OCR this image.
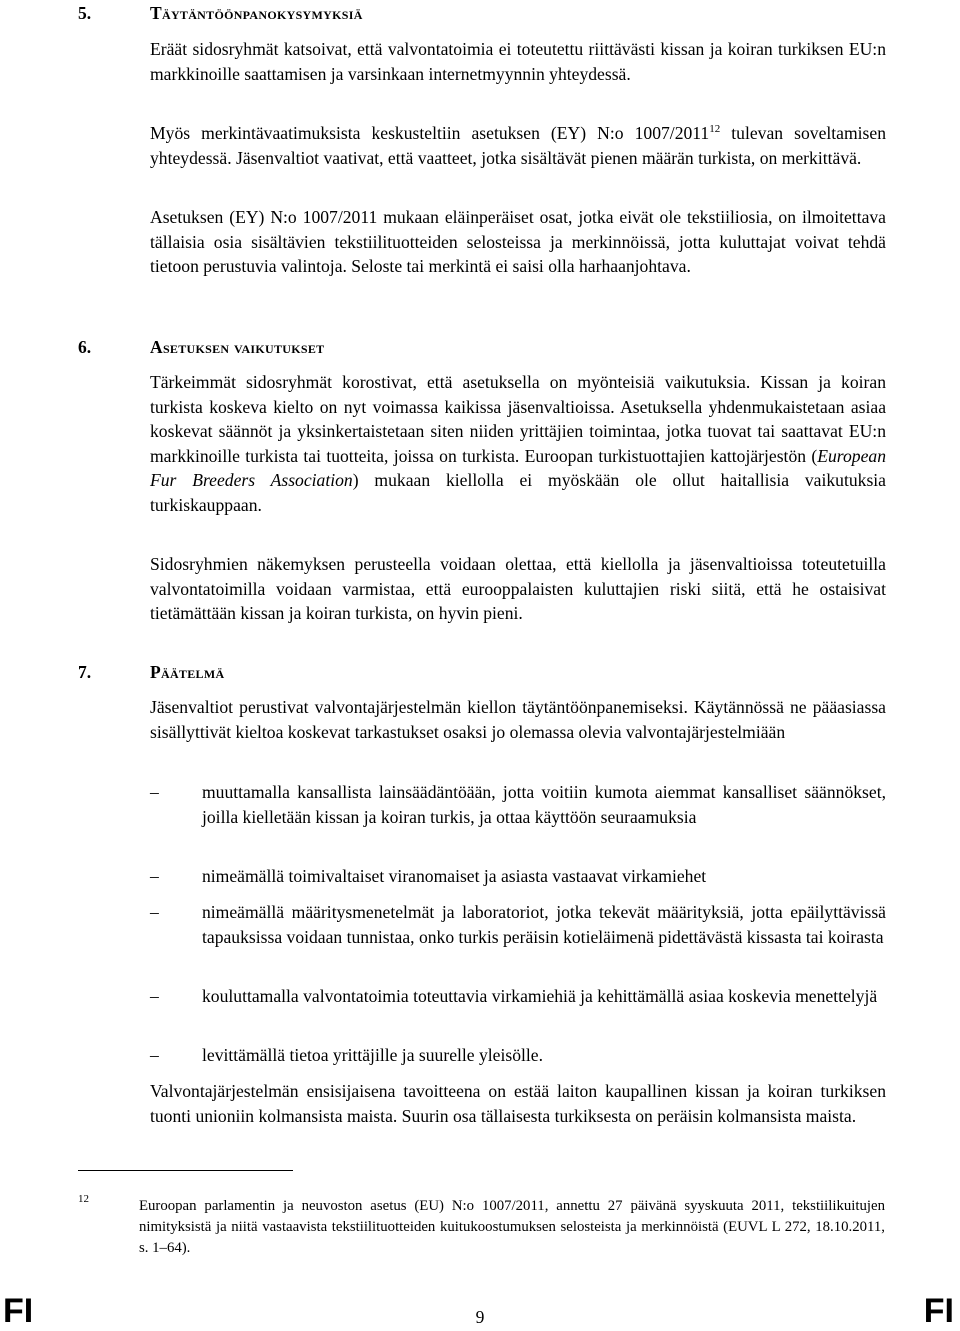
5.	Täytäntöönpanokysymyksiä

Eräät sidosryhmät katsoivat, että valvontatoimia ei toteutettu riittävästi kissan ja koiran turkiksen EU:n markkinoille saattamisen ja varsinkaan internetmyynnin yhteydessä.

Myös merkintävaatimuksista keskusteltiin asetuksen (EY) N:o 1007/2011$^{12}$ tulevan soveltamisen yhteydessä. Jäsenvaltiot vaativat, että vaatteet, jotka sisältävät pienen määrän turkista, on merkittävä.

Asetuksen (EY) N:o 1007/2011 mukaan eläinperäiset osat, jotka eivät ole tekstiiliosia, on ilmoitettava tällaisia osia sisältävien tekstiilituotteiden selosteissa ja merkinnöissä, jotta kuluttajat voivat tehdä tietoon perustuvia valintoja. Seloste tai merkintä ei saisi olla harhaanjohtava.

6.	Asetuksen vaikutukset

Tärkeimmät sidosryhmät korostivat, että asetuksella on myönteisiä vaikutuksia. Kissan ja koiran turkista koskeva kielto on nyt voimassa kaikissa jäsenvaltioissa. Asetuksella yhdenmukaistetaan asiaa koskevat säännöt ja yksinkertaistetaan siten niiden yrittäjien toimintaa, jotka tuovat tai saattavat EU:n markkinoille turkista tai tuotteita, joissa on turkista. Euroopan turkistuottajien kattojärjestön (European Fur Breeders Association) mukaan kiellolla ei myöskään ole ollut haitallisia vaikutuksia turkiskauppaan.

Sidosryhmien näkemyksen perusteella voidaan olettaa, että kiellolla ja jäsenvaltioissa toteutetuilla valvontatoimilla voidaan varmistaa, että eurooppalaisten kuluttajien riski siitä, että he ostaisivat tietämättään kissan ja koiran turkista, on hyvin pieni.

7.	Päätelmä

Jäsenvaltiot perustivat valvontajärjestelmän kiellon täytäntöönpanemiseksi. Käytännössä ne pääasiassa sisällyttivät kieltoa koskevat tarkastukset osaksi jo olemassa olevia valvontajärjestelmiään

–	muuttamalla kansallista lainsäädäntöään, jotta voitiin kumota aiemmat kansalliset säännökset, joilla kielletään kissan ja koiran turkis, ja ottaa käyttöön seuraamuksia
–	nimeämällä toimivaltaiset viranomaiset ja asiasta vastaavat virkamiehet
–	nimeämällä määritysmenetelmät ja laboratoriot, jotka tekevät määrityksiä, jotta epäilyttävissä tapauksissa voidaan tunnistaa, onko turkis peräisin kotieläimenä pidettävästä kissasta tai koirasta
–	kouluttamalla valvontatoimia toteuttavia virkamiehiä ja kehittämällä asiaa koskevia menettelyjä
–	levittämällä tietoa yrittäjille ja suurelle yleisölle.

Valvontajärjestelmän ensisijaisena tavoitteena on estää laiton kaupallinen kissan ja koiran turkiksen tuonti unioniin kolmansista maista. Suurin osa tällaisesta turkiksesta on peräisin kolmansista maista.

12	Euroopan parlamentin ja neuvoston asetus (EU) N:o 1007/2011, annettu 27 päivänä syyskuuta 2011, tekstiilikuitujen nimityksistä ja niitä vastaavista tekstiilituotteiden kuitukoostumuksen selosteista ja merkinnöistä (EUVL L 272, 18.10.2011, s. 1–64).

FI	9	FI
